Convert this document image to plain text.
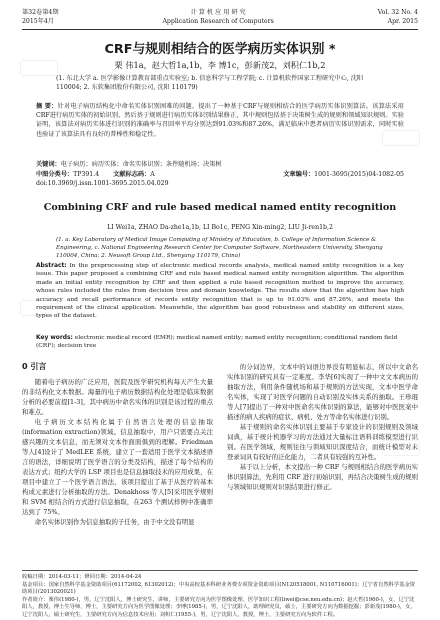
第32卷第4期
2015年4月
计 算 机 应 用 研 究
Application Research of Computers
Vol. 32 No. 4
Apr. 2015
CRF与规则相结合的医学病历实体识别 *
栗 伟1a，赵大哲1a,1b，李 博1c，彭新茂2，刘积仁1b,2
(1. 东北大学 a. 医学影像计算教育部重点实验室; b. 信息科学与工程学院; c. 计算机软件国家工程研究中心, 沈阳 110004; 2. 东软集团股份有限公司, 沈阳 110179)
摘 要：针对电子病历结构化中命名实体识别困难的问题，提出了一种基于CRF与规则相结合的医学病历实体识别算法。该算法采用CRF进行病历实体的初始识别，然后基于规则进行病历实体识别结果修正，其中规则包括基于决策树生成的规则和领域知识规则。实验证明，该算法对病历实体进行识别的准确率与召回率平均分别达到91.03%和87.26%，满足临床中患者病历实体识别需求，同时实验也验证了该算法具有良好的普棒性和稳定性。
关键词：电子病历；病历实体；命名实体识别；条件随机场；决策树
中图分类号：TP391.4 文献标志码：A	文章编号：1001-3695(2015)04-1082-05
doi:10.3969/j.issn.1001-3695.2015.04.029
Combining CRF and rule based medical named entity recognition
LI Wei1a, ZHAO Da-zhe1a,1b, LI Bo1c, PENG Xin-ming2, LIU Ji-ren1b,2
(1. a. Key Laboratory of Medical Image Computing of Ministry of Education, b. College of Information Science & Engineering, c. National Engineering Research Center for Computer Software, Northeastern University, Shenyang 110004, China; 2. Neusoft Group Ltd., Shenyang 110179, China)
Abstract: In the preprocessing step of electronic medical records analysis, medical named entity recognition is a key issue. This paper proposed a combining CRF and rule based medical named entity recognition algorithm. The algorithm made an initial entity recognition by CRF and then applied a rule based recognition method to improve the accuracy, whose rules included the rules from decision tree and domain knowledge. The results show that the algorithm has high accuracy and recall performance of records entity recognition that is up to 91.03% and 87.26%, and meets the requirement of the clinical application. Meanwhile, the algorithm has good robustness and stability on different sizes, types of the dataset.
Key words: electronic medical record (EMR); medical named entity; named entity recognition; conditional random field (CRF); decision tree
0 引言

随着电子病历的广泛应用，医院及医学研究机构每天产生大量的非结构化文本数据。海量的电子病历数据结构化处理是临床数据分析的必要前提[1-3]，其中病历中命名实体的识别是该过程的重点和难点。

电子病历文本结构化属于自然语言处理的信息抽取(information extraction)领域。信息抽取中，用户只需要点关注感兴趣的文本信息，而无须对文本作面面俱到的理解。Friedman 等人[4]设计了 MedLEE 系统，建立了一套适用于医学文本描述语言的语法，详细说明了医学语言的分类及结构，描述了每个结构的表达方式；纽约大学的 LSP 项目也是信息抽取技术的应用成果，在项目中建立了一个医学语言语法，该项目提出了基于从医疗的基本构成元素进行分析抽取的方法。Denakhoss 等人[5]采用医学规则和 SVM 相结合的方式进行信息抽取，在263 个测试样例中准确率达到了 75%。

命名实体识别作为信息抽取的子任务，由于中文没有明显

的分词边界，文本中的词语边界没有明显标志，所以中文命名实体识别的研究具有一定难度。李华[6]实现了一种中文文本病历的抽取方法，利用条件随机场和基于规则的方法实现，文本中医学命名实体，实现了对医学问题的自动识别及实体关系的抽取。王珍琨等人[7]提出了一种对中医命名实体识别的算法，能够对中医医案中描述的病人疾病的症状、病机、处方等命名实体进行识别。

基于规则的命名实体识别主要基于专家设计的识别规则及领域词典，基于统计机器学习的方法通过大量标注语料训练模型进行识别。在医学领域，规则往往与领域知识深度结合，而统计模型对未登录词具有较好的泛化能力，二者具有较强的互补性。

基于以上分析，本文提出一种 CRF 与规则相结合的医学病历实体识别算法，先利用 CRF 进行初始识别，再结合决策树生成的规则与领域知识规则对识别结果进行修正。

收稿日期：2014-03-11；修回日期：2014-04-24

基金项目：国家自然科学基金资助项目(61172002, 61302012)；中央高校基本科研业务费专项资金资助项目(N120518001, N110716001)；辽宁省自然科学基金资助项目(2013020021)

作者简介：栗伟(1980-)，男，辽宁沈阳人，博士研究生，讲师，主要研究方向为医学图像处理、医学知识工程(liwei@cse.neu.edu.cn)；赵大哲(1960-)，女，辽宁沈阳人，教授，博士生导师，博士，主要研究方向为医学图像处理；李博(1985-)，男，辽宁沈阳人，助理研究员，硕士，主要研究方向为数据挖掘；彭新茂(1980-)，女，辽宁沈阳人，硕士研究生，主要研究方向为信息技术应用；刘积仁(1955-)，男，辽宁沈阳人，教授，博士，主要研究方向为软件工程。
